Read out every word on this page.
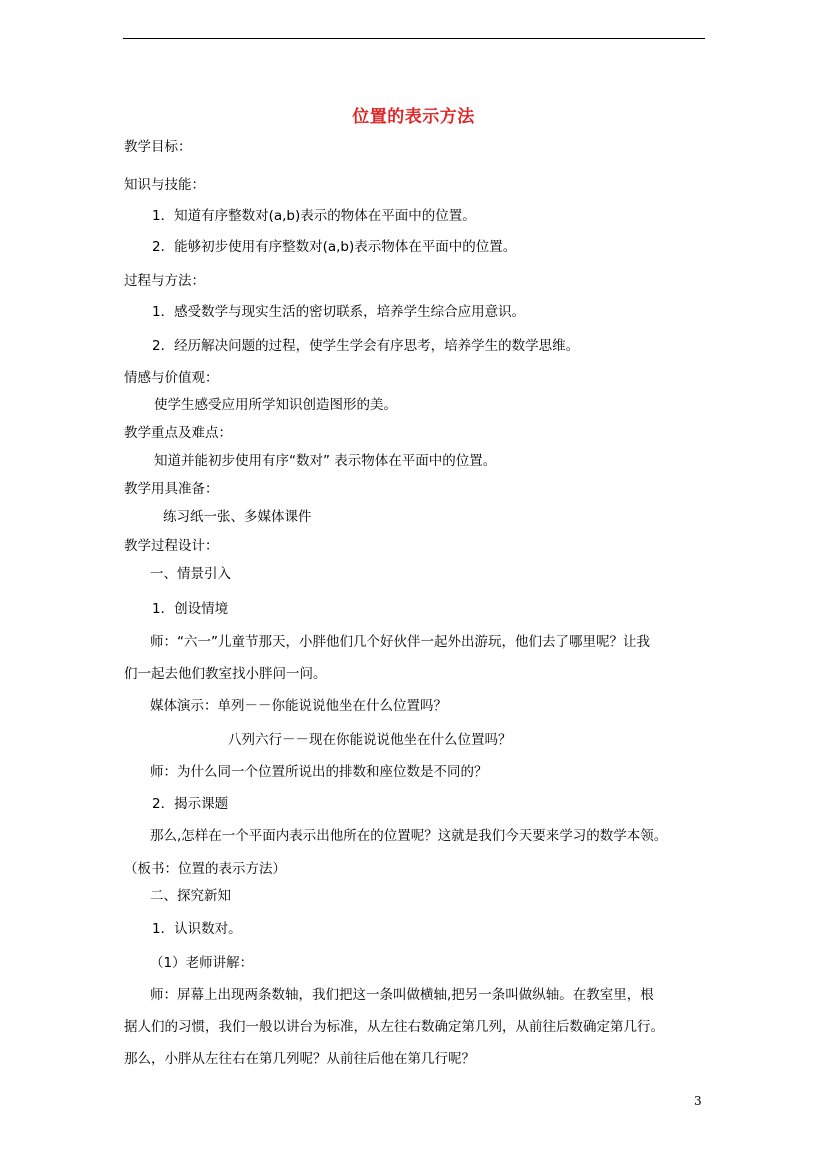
位置的表示方法
教学目标：
知识与技能：
1．知道有序整数对(a,b)表示的物体在平面中的位置。
2．能够初步使用有序整数对(a,b)表示物体在平面中的位置。
过程与方法：
1．感受数学与现实生活的密切联系，培养学生综合应用意识。
2．经历解决问题的过程，使学生学会有序思考，培养学生的数学思维。
情感与价值观：
使学生感受应用所学知识创造图形的美。
教学重点及难点：
知道并能初步使用有序“数对” 表示物体在平面中的位置。
教学用具准备：
练习纸一张、多媒体课件
教学过程设计：
一、情景引入
1．创设情境
师：“六一”儿童节那天，小胖他们几个好伙伴一起外出游玩，他们去了哪里呢？让我
们一起去他们教室找小胖问一问。
媒体演示：单列－－你能说说他坐在什么位置吗？
八列六行－－现在你能说说他坐在什么位置吗？
师：为什么同一个位置所说出的排数和座位数是不同的？
2．揭示课题
那么,怎样在一个平面内表示出他所在的位置呢？这就是我们今天要来学习的数学本领。
（板书：位置的表示方法）
二、探究新知
1．认识数对。
（1）老师讲解：
师：屏幕上出现两条数轴，我们把这一条叫做横轴,把另一条叫做纵轴。在教室里，根
据人们的习惯，我们一般以讲台为标准，从左往右数确定第几列，从前往后数确定第几行。
那么，小胖从左往右在第几列呢？从前往后他在第几行呢？
3
